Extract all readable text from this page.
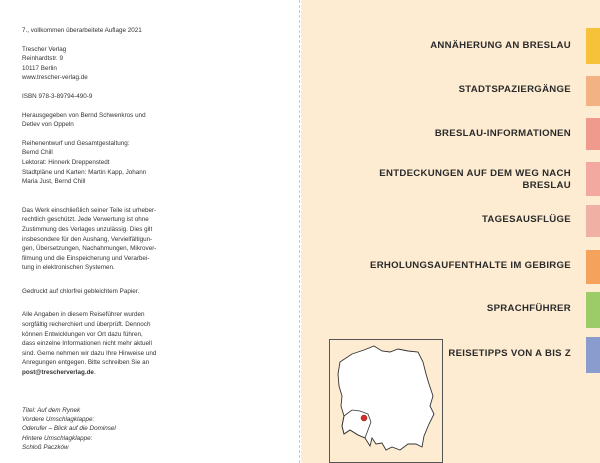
7., vollkommen überarbeitete Auflage 2021

Trescher Verlag

Reinhardtstr. 9

10117 Berlin

www.trescher-verlag.de

ISBN 978-3-89794-490-9

Herausgegeben von Bernd Schwenkros und

Detlev von Oppeln

Reihenentwurf und Gesamtgestaltung:

Bernd Chill

Lektorat: Hinnerk Dreppenstedt

Stadtpläne und Karten: Martin Kapp, Johann

Maria Just, Bernd Chill

Das Werk einschließlich seiner Teile ist urheber-

rechtlich geschützt. Jede Verwertung ist ohne

Zustimmung des Verlages unzulässig. Dies gilt

insbesondere für den Aushang, Vervielfältigun-

gen, Übersetzungen, Nachahmungen, Mikrover-

filmung und die Einspeicherung und Verarbei-

tung in elektronischen Systemen.

Gedruckt auf chlorfrei gebleichtem Papier.

Alle Angaben in diesem Reiseführer wurden

sorgfältig recherchiert und überprüft. Dennoch

können Entwicklungen vor Ort dazu führen,

dass einzelne Informationen nicht mehr aktuell

sind. Gerne nehmen wir dazu Ihre Hinweise und

Anregungen entgegen. Bitte schreiben Sie an

post@trescherverlag.de.

Titel: Auf dem Rynek

Vordere Umschlagklappe:

Oderufer – Blick auf die Dominsel

Hintere Umschlagklappe:

Schloß Paczków

ANNÄHERUNG AN BRESLAU
STADTSPAZIERGÄNGE
BRESLAU-INFORMATIONEN
ENTDECKUNGEN AUF DEM WEG NACH
BRESLAU
TAGESAUSFLÜGE
ERHOLUNGSAUFENTHALTE IM GEBIRGE
SPRACHFÜHRER
REISETIPPS VON A BIS Z
